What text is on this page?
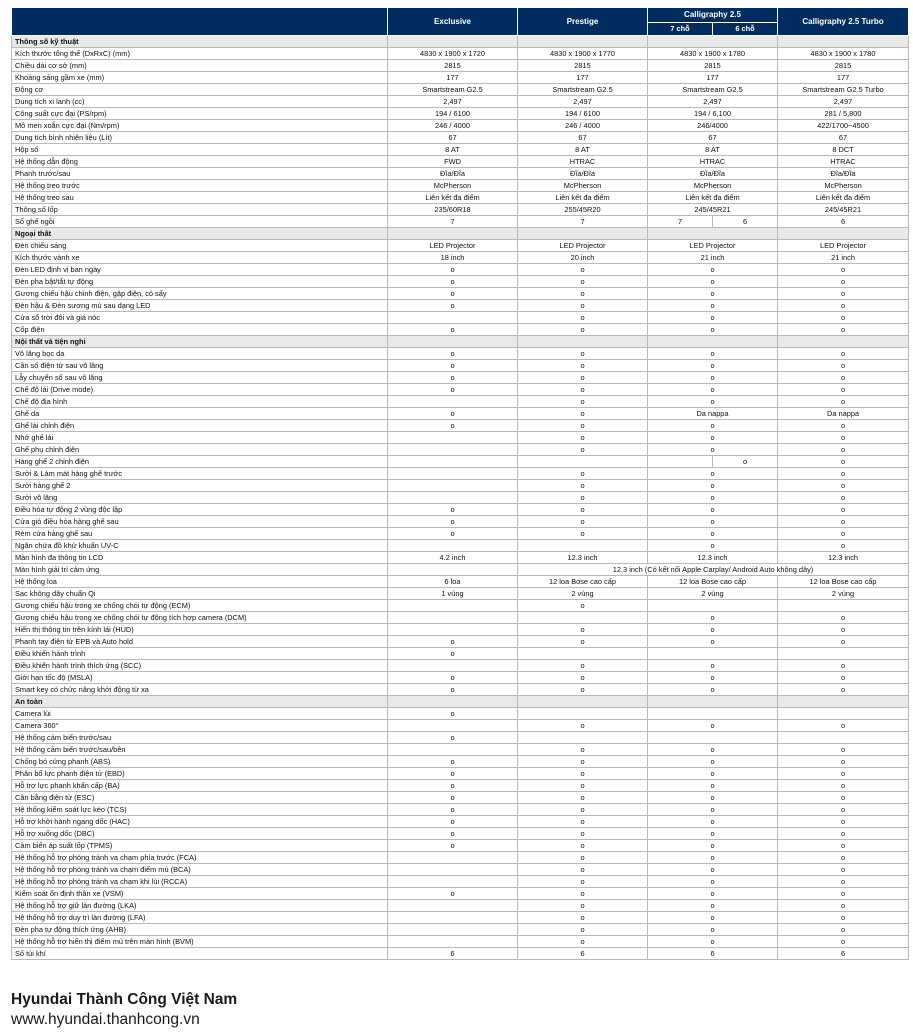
	Exclusive	Prestige	Calligraphy 2.5		Calligraphy 2.5 Turbo
			7 chỗ	6 chỗ	
Thông số kỹ thuật					
Kích thước tổng thể (DxRxC) (mm)	4830 x 1900 x 1720	4830 x 1900 x 1770	4830 x 1900 x 1780		4830 x 1900 x 1780
Chiều dài cơ sở (mm)	2815	2815	2815		2815
Khoảng sáng gầm xe (mm)	177	177	177		177
Động cơ	Smartstream G2.5	Smartstream G2.5	Smartstream G2.5		Smartstream G2.5 Turbo
Dung tích xi lanh (cc)	2,497	2,497	2,497		2,497
Công suất cực đại (PS/rpm)	194 / 6100	194 / 6100	194 / 6,100		281 / 5,800
Mô men xoắn cực đại (Nm/rpm)	246 / 4000	246 / 4000	246/4000		422/1700~4500
Dung tích bình nhiên liệu (Lít)	67	67	67		67
Hộp số	8 AT	8 AT	8 AT		8 DCT
Hệ thống dẫn động	FWD	HTRAC	HTRAC		HTRAC
Phanh trước/sau	Đĩa/Đĩa	Đĩa/Đĩa	Đĩa/Đĩa		Đĩa/Đĩa
Hệ thống treo trước	McPherson	McPherson	McPherson		McPherson
Hệ thống treo sau	Liên kết đa điểm	Liên kết đa điểm	Liên kết đa điểm		Liên kết đa điểm
Thông số lốp	235/60R18	255/45R20	245/45R21		245/45R21
Số ghế ngồi	7	7	7	6	6
Ngoại thất					
Đèn chiếu sáng	LED Projector	LED Projector	LED Projector		LED Projector
Kích thước vành xe	18 inch	20 inch	21 inch		21 inch
Đèn LED định vị ban ngày	o	o	o		o
Đèn pha bật/tắt tự động	o	o	o		o
Gương chiếu hậu chỉnh điện, gập điện, có sấy	o	o	o		o
Đèn hậu & Đèn sương mù sau dạng LED	o	o	o		o
Cửa sổ trời đôi và giá nóc		o	o		o
Cốp điện	o	o	o		o
Nội thất và tiện nghi					
Vô lăng bọc da	o	o	o		o
Cần số điện tử sau vô lăng	o	o	o		o
Lẫy chuyển số sau vô lăng	o	o	o		o
Chế độ lái (Drive mode)	o	o	o		o
Chế độ địa hình		o	o		o
Ghế da	o	o	Da nappa		Da nappa
Ghế lái chỉnh điện	o	o	o		o
Nhớ ghế lái		o	o		o
Ghế phụ chỉnh điện		o	o		o
Hàng ghế 2 chỉnh điện				o	o
Sưởi & Làm mát hàng ghế trước		o	o		o
Sưởi hàng ghế 2		o	o		o
Sưởi vô lăng		o	o		o
Điều hòa tự động 2 vùng độc lập	o	o	o		o
Cửa gió điều hòa hàng ghế sau	o	o	o		o
Rèm cửa hàng ghế sau	o	o	o		o
Ngăn chứa đồ khử khuẩn UV-C			o		o
Màn hình đa thông tin LCD	4.2 inch	12.3 inch	12.3 inch		12.3 inch
Màn hình giải trí cảm ứng		12.3 inch (Có kết nối Apple Carplay/ Android Auto không dây)			
Hệ thống loa	6 loa	12 loa Bose cao cấp	12 loa Bose cao cấp		12 loa Bose cao cấp
Sạc không dây chuẩn Qi	1 vùng	2 vùng	2 vùng		2 vùng
Gương chiếu hậu trong xe chống chói tự động (ECM)		o			
Gương chiếu hậu trong xe chống chói tự động tích hợp camera (DCM)			o		o
Hiển thị thông tin trên kính lái (HUD)		o	o		o
Phanh tay điện tử EPB và Auto hold	o	o	o		o
Điều khiển hành trình	o				
Điều khiển hành trình thích ứng (SCC)		o	o		o
Giới hạn tốc độ (MSLA)	o	o	o		o
Smart key có chức năng khởi động từ xa	o	o	o		o
An toàn					
Camera lùi	o				
Camera 360°		o	o		o
Hệ thống cảm biến trước/sau	o				
Hệ thống cảm biến trước/sau/bên		o	o		o
Chống bó cứng phanh (ABS)	o	o	o		o
Phân bổ lực phanh điện tử (EBD)	o	o	o		o
Hỗ trợ lực phanh khẩn cấp (BA)	o	o	o		o
Cân bằng điện tử (ESC)	o	o	o		o
Hệ thống kiểm soát lực kéo (TCS)	o	o	o		o
Hỗ trợ khởi hành ngang dốc (HAC)	o	o	o		o
Hỗ trợ xuống dốc (DBC)	o	o	o		o
Cảm biến áp suất lốp (TPMS)	o	o	o		o
Hệ thống hỗ trợ phòng tránh va chạm phía trước (FCA)		o	o		o
Hệ thống hỗ trợ phòng tránh va chạm điểm mù (BCA)		o	o		o
Hệ thống hỗ trợ phòng tránh va chạm khi lùi (RCCA)		o	o		o
Kiểm soát ổn định thân xe (VSM)	o	o	o		o
Hệ thống hỗ trợ giữ làn đường (LKA)		o	o		o
Hệ thống hỗ trợ duy trì làn đường (LFA)		o	o		o
Đèn pha tự động thích ứng (AHB)		o	o		o
Hệ thống hỗ trợ hiển thị điểm mù trên màn hình (BVM)		o	o		o
Số túi khí	6	6	6		6

Hyundai Thành Công Việt Nam

www.hyundai.thanhcong.vn
